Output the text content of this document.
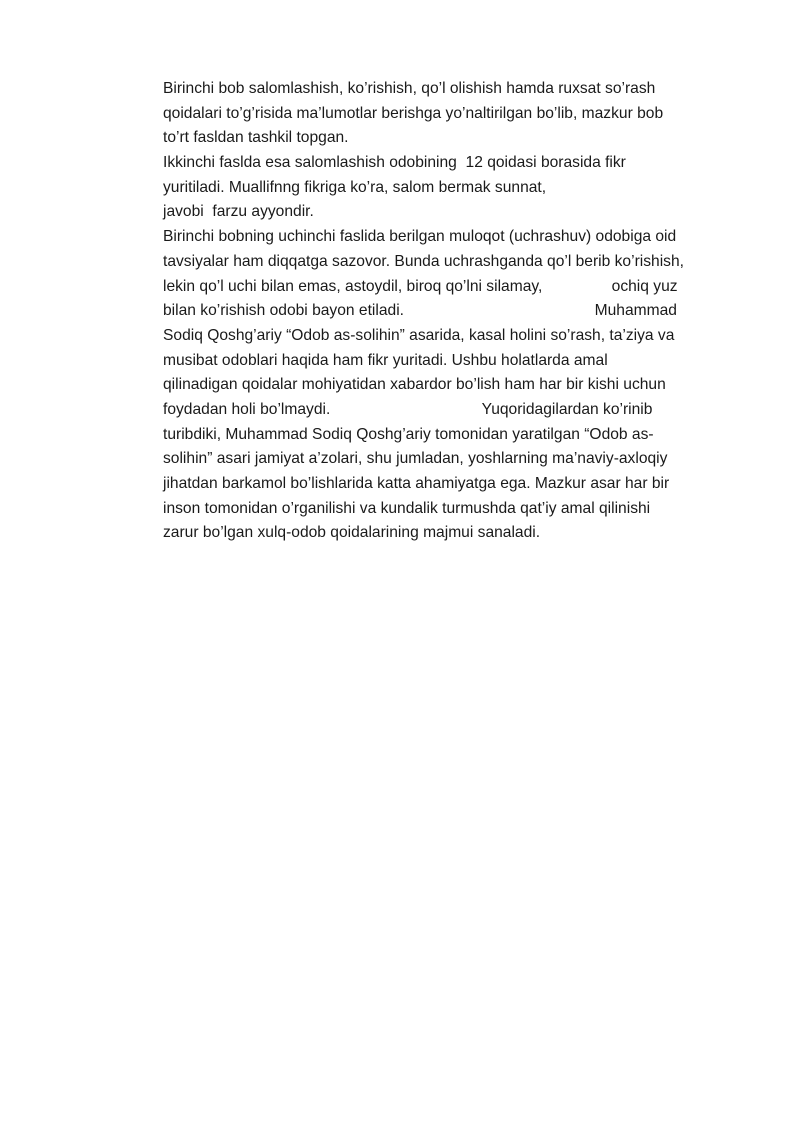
Birinchi bob salomlashish, ko’rishish, qo’l olishish hamda ruxsat so’rash
qoidalari to’g’risida ma’lumotlar berishga yo’naltirilgan bo’lib, mazkur bob
to’rt fasldan tashkil topgan.
Ikkinchi faslda esa salomlashish odobining  12 qoidasi borasida fikr
yuritiladi. Muallifnng fikriga ko’ra, salom bermak sunnat,
javobi  farzu ayyondir.
Birinchi bobning uchinchi faslida berilgan muloqot (uchrashuv) odobiga oid
tavsiyalar ham diqqatga sazovor. Bunda uchrashganda qo’l berib ko’rishish,
lekin qo’l uchi bilan emas, astoydil, biroq qo’lni silamay,                ochiq yuz
bilan ko’rishish odobi bayon etiladi.                                            Muhammad
Sodiq Qoshg’ariy “Odob as-solihin” asarida, kasal holini so’rash, ta’ziya va
musibat odoblari haqida ham fikr yuritadi. Ushbu holatlarda amal
qilinadigan qoidalar mohiyatidan xabardor bo’lish ham har bir kishi uchun
foydadan holi bo’lmaydi.                                   Yuqoridagilardan ko’rinib
turibdiki, Muhammad Sodiq Qoshg’ariy tomonidan yaratilgan “Odob as-
solihin” asari jamiyat a’zolari, shu jumladan, yoshlarning ma’naviy-axloqiy
jihatdan barkamol bo’lishlarida katta ahamiyatga ega. Mazkur asar har bir
inson tomonidan o’rganilishi va kundalik turmushda qat’iy amal qilinishi
zarur bo’lgan xulq-odob qoidalarining majmui sanaladi.
